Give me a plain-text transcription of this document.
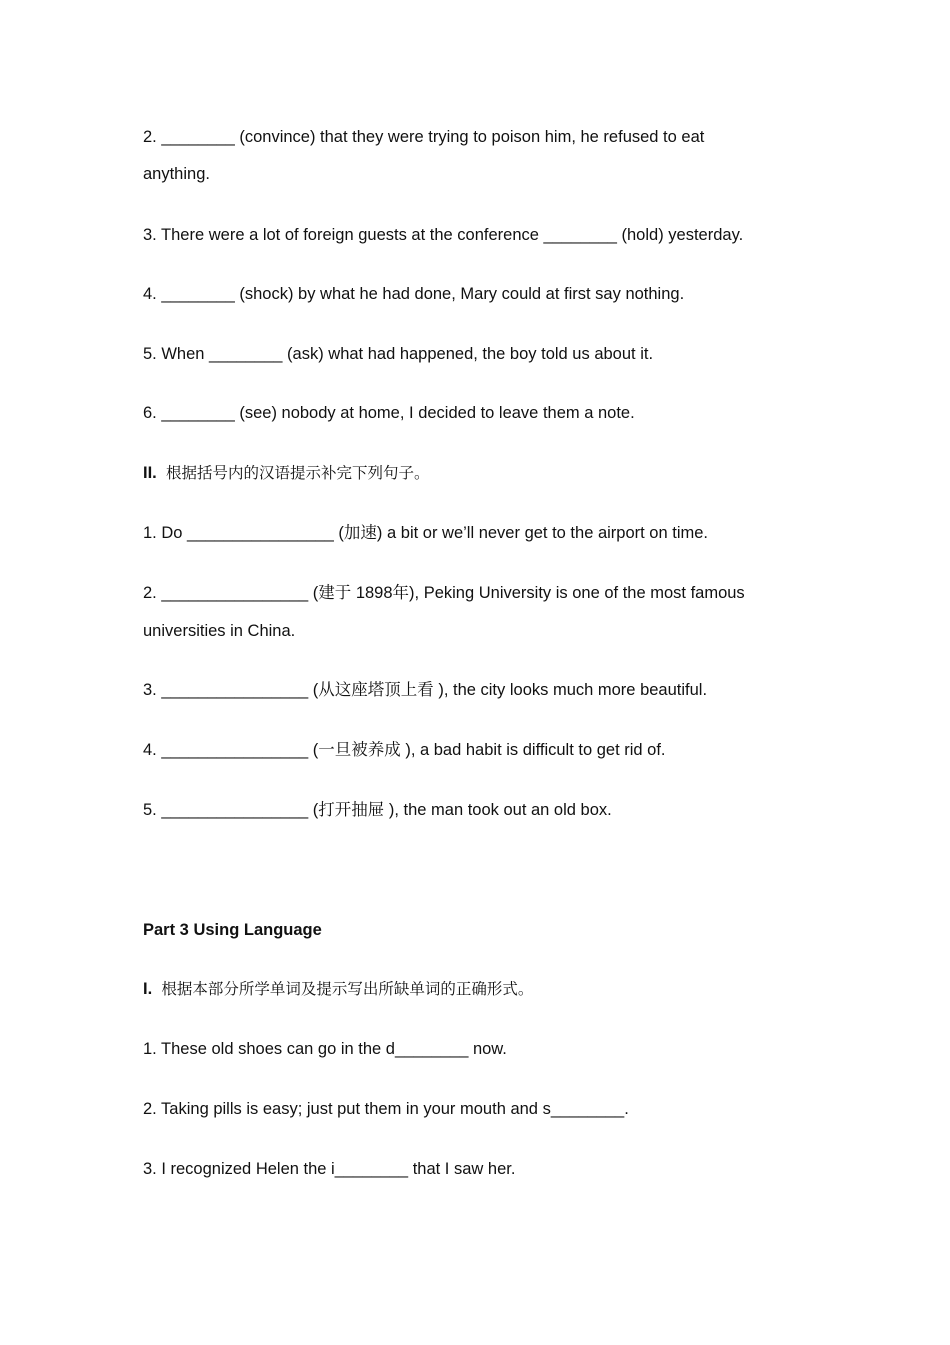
2. ________ (convince) that they were trying to poison him, he refused to eat
anything.
3. There were a lot of foreign guests at the conference ________ (hold) yesterday.
4. ________ (shock) by what he had done, Mary could at first say nothing.
5. When ________ (ask) what had happened, the boy told us about it.
6. ________ (see) nobody at home, I decided to leave them a note.
II. 根据括号内的汉语提示补完下列句子。
1. Do ________________ (加速) a bit or we’ll never get to the airport on time.
2. ________________ (建于 1898年), Peking University is one of the most famous
universities in China.
3. ________________ (从这座塔顶上看 ), the city looks much more beautiful.
4. ________________ (一旦被养成 ), a bad habit is difficult to get rid of.
5. ________________ (打开抽屉 ), the man took out an old box.
Part 3 Using Language
I. 根据本部分所学单词及提示写出所缺单词的正确形式。
1. These old shoes can go in the d________ now.
2. Taking pills is easy; just put them in your mouth and s________.
3. I recognized Helen the i________ that I saw her.
